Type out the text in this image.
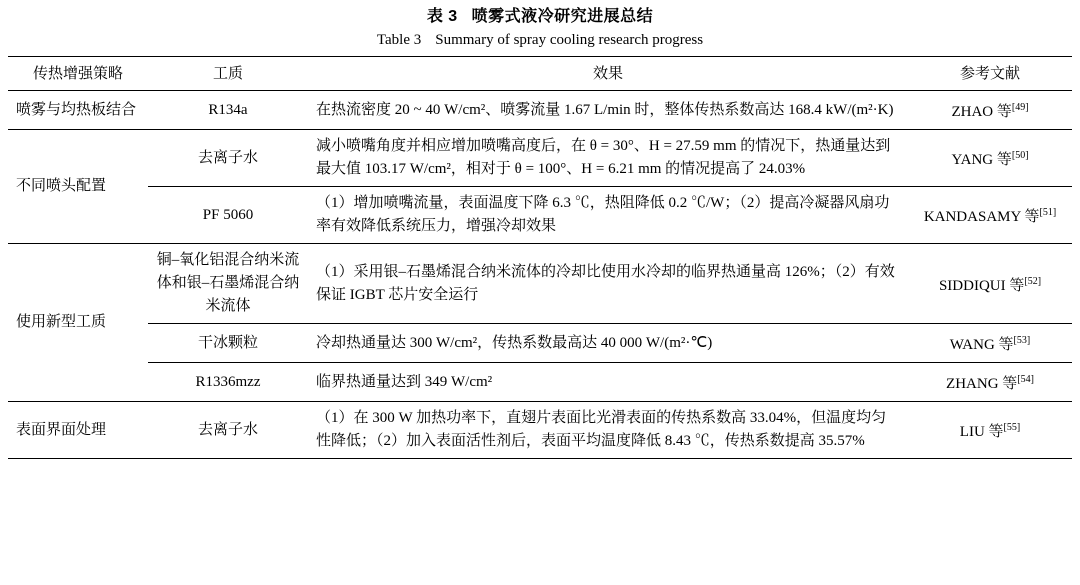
表 3 喷雾式液冷研究进展总结
Table 3 Summary of spray cooling research progress
传热增强策略	工质	效果	参考文献
喷雾与均热板结合	R134a	在热流密度 20 ~ 40 W/cm²、喷雾流量 1.67 L/min 时，整体传热系数高达 168.4 kW/(m²·K)	ZHAO 等[49]
不同喷头配置	去离子水	减小喷嘴角度并相应增加喷嘴高度后，在 θ = 30°、H = 27.59 mm 的情况下，热通量达到最大值 103.17 W/cm²，相对于 θ = 100°、H = 6.21 mm 的情况提高了 24.03%	YANG 等[50]
	PF 5060	（1）增加喷嘴流量，表面温度下降 6.3 ℃，热阻降低 0.2 ℃/W；（2）提高冷凝器风扇功率有效降低系统压力，增强冷却效果	KANDASAMY 等[51]
使用新型工质	铜–氧化铝混合纳米流体和银–石墨烯混合纳米流体	（1）采用银–石墨烯混合纳米流体的冷却比使用水冷却的临界热通量高 126%；（2）有效保证 IGBT 芯片安全运行	SIDDIQUI 等[52]
	干冰颗粒	冷却热通量达 300 W/cm²，传热系数最高达 40 000 W/(m²·℃)	WANG 等[53]
	R1336mzz	临界热通量达到 349 W/cm²	ZHANG 等[54]
表面界面处理	去离子水	（1）在 300 W 加热功率下，直翅片表面比光滑表面的传热系数高 33.04%，但温度均匀性降低；（2）加入表面活性剂后，表面平均温度降低 8.43 ℃，传热系数提高 35.57%	LIU 等[55]
